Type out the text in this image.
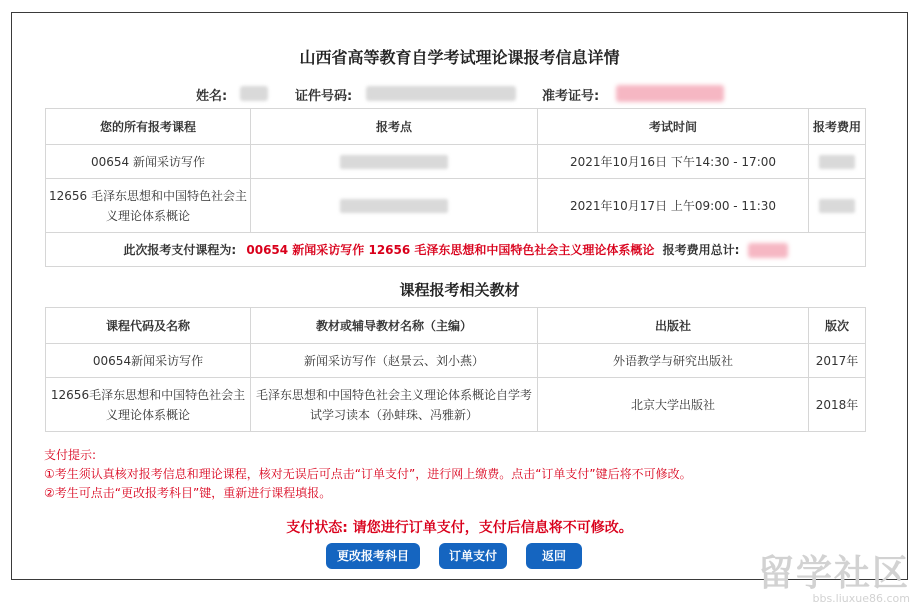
山西省高等教育自学考试理论课报考信息详情
姓名:	证件号码:	准考证号:
您的所有报考课程	报考点	考试时间	报考费用
00654 新闻采访写作		2021年10月16日 下午14:30 - 17:00	

12656 毛泽东思想和中国特色社会主义理论体系概论		2021年10月17日 上午09:00 - 11:30	

此次报考支付课程为: 00654 新闻采访写作 12656 毛泽东思想和中国特色社会主义理论体系概论 报考费用总计:			
课程报考相关教材
课程代码及名称	教材或辅导教材名称（主编）	出版社	版次
00654新闻采访写作	新闻采访写作（赵景云、刘小燕）	外语教学与研究出版社	2017年
12656毛泽东思想和中国特色社会主义理论体系概论	毛泽东思想和中国特色社会主义理论体系概论自学考试学习读本（孙蚌珠、冯雅新）	北京大学出版社	2018年
支付提示:
①考生须认真核对报考信息和理论课程，核对无误后可点击“订单支付”，进行网上缴费。点击“订单支付”键后将不可修改。
②考生可点击“更改报考科目”键，重新进行课程填报。
支付状态: 请您进行订单支付，支付后信息将不可修改。
更改报考科目	订单支付	返回	留学社区
bbs.liuxue86.com
